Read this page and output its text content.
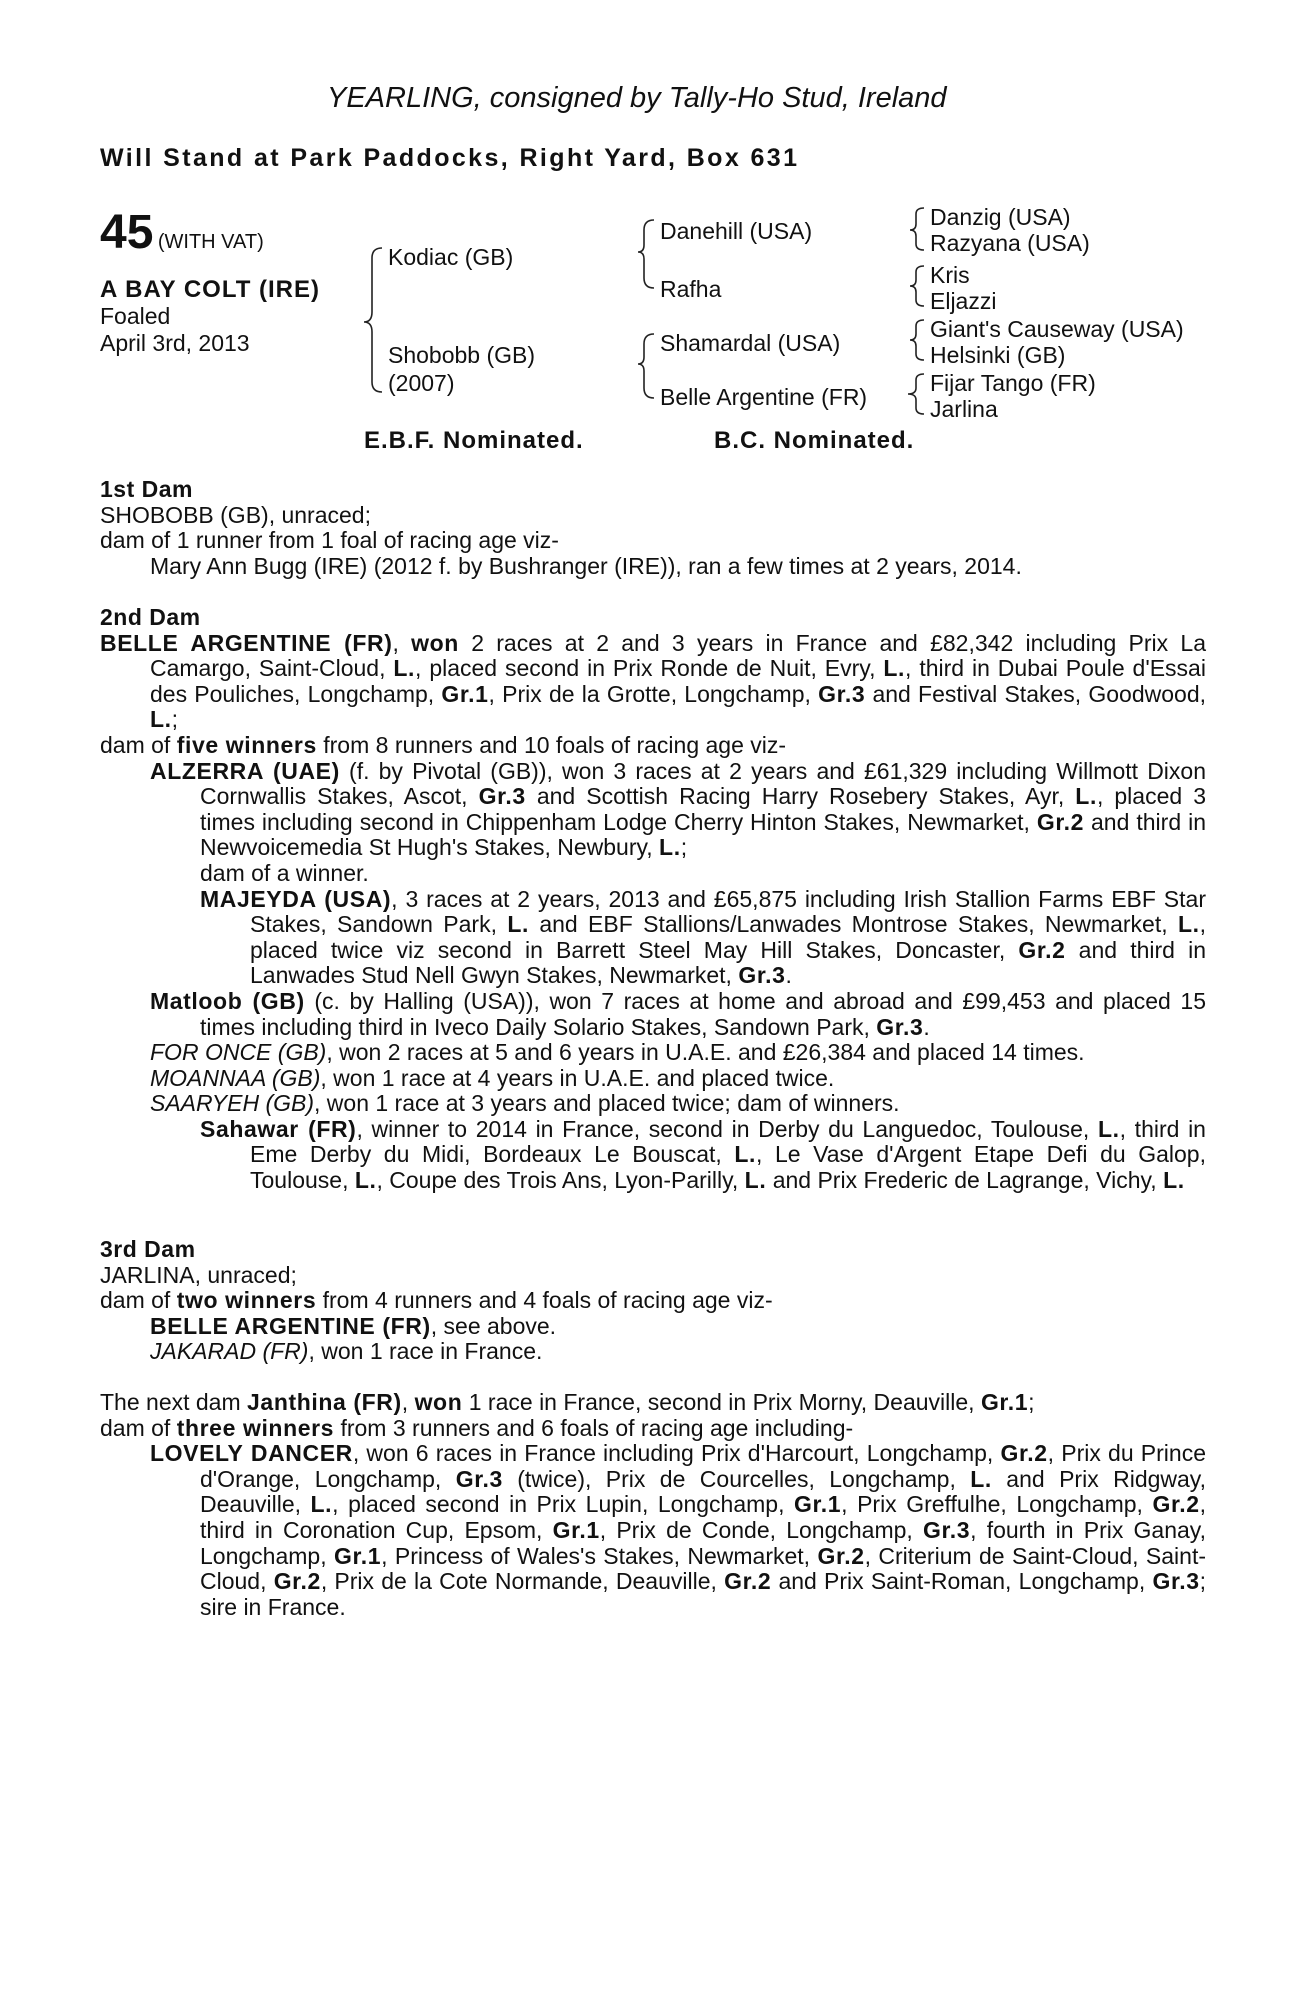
YEARLING, consigned by Tally-Ho Stud, Ireland
Will Stand at Park Paddocks, Right Yard, Box 631
45 (WITH VAT)
A BAY COLT (IRE)
Foaled
April 3rd, 2013
Kodiac (GB)
Shobobb (GB)
(2007)
Danehill (USA)
Rafha
Shamardal (USA)
Belle Argentine (FR)
Danzig (USA)
Razyana (USA)
Kris
Eljazzi
Giant's Causeway (USA)
Helsinki (GB)
Fijar Tango (FR)
Jarlina
E.B.F. Nominated.	B.C. Nominated.

1st Dam

SHOBOBB (GB), unraced;

dam of 1 runner from 1 foal of racing age viz-

Mary Ann Bugg (IRE) (2012 f. by Bushranger (IRE)), ran a few times at 2 years, 2014.

2nd Dam

BELLE ARGENTINE (FR), won 2 races at 2 and 3 years in France and £82,342 including Prix La Camargo, Saint-Cloud, L., placed second in Prix Ronde de Nuit, Evry, L., third in Dubai Poule d'Essai des Pouliches, Longchamp, Gr.1, Prix de la Grotte, Longchamp, Gr.3 and Festival Stakes, Goodwood, L.;

dam of five winners from 8 runners and 10 foals of racing age viz-

ALZERRA (UAE) (f. by Pivotal (GB)), won 3 races at 2 years and £61,329 including Willmott Dixon Cornwallis Stakes, Ascot, Gr.3 and Scottish Racing Harry Rosebery Stakes, Ayr, L., placed 3 times including second in Chippenham Lodge Cherry Hinton Stakes, Newmarket, Gr.2 and third in Newvoicemedia St Hugh's Stakes, Newbury, L.;
dam of a winner.

MAJEYDA (USA), 3 races at 2 years, 2013 and £65,875 including Irish Stallion Farms EBF Star Stakes, Sandown Park, L. and EBF Stallions/Lanwades Montrose Stakes, Newmarket, L., placed twice viz second in Barrett Steel May Hill Stakes, Doncaster, Gr.2 and third in Lanwades Stud Nell Gwyn Stakes, Newmarket, Gr.3.

Matloob (GB) (c. by Halling (USA)), won 7 races at home and abroad and £99,453 and placed 15 times including third in Iveco Daily Solario Stakes, Sandown Park, Gr.3.

FOR ONCE (GB), won 2 races at 5 and 6 years in U.A.E. and £26,384 and placed 14 times.

MOANNAA (GB), won 1 race at 4 years in U.A.E. and placed twice.

SAARYEH (GB), won 1 race at 3 years and placed twice; dam of winners.

Sahawar (FR), winner to 2014 in France, second in Derby du Languedoc, Toulouse, L., third in Eme Derby du Midi, Bordeaux Le Bouscat, L., Le Vase d'Argent Etape Defi du Galop, Toulouse, L., Coupe des Trois Ans, Lyon-Parilly, L. and Prix Frederic de Lagrange, Vichy, L.

3rd Dam

JARLINA, unraced;

dam of two winners from 4 runners and 4 foals of racing age viz-

BELLE ARGENTINE (FR), see above.

JAKARAD (FR), won 1 race in France.

The next dam Janthina (FR), won 1 race in France, second in Prix Morny, Deauville, Gr.1;

dam of three winners from 3 runners and 6 foals of racing age including-

LOVELY DANCER, won 6 races in France including Prix d'Harcourt, Longchamp, Gr.2, Prix du Prince d'Orange, Longchamp, Gr.3 (twice), Prix de Courcelles, Longchamp, L. and Prix Ridgway, Deauville, L., placed second in Prix Lupin, Longchamp, Gr.1, Prix Greffulhe, Longchamp, Gr.2, third in Coronation Cup, Epsom, Gr.1, Prix de Conde, Longchamp, Gr.3, fourth in Prix Ganay, Longchamp, Gr.1, Princess of Wales's Stakes, Newmarket, Gr.2, Criterium de Saint-Cloud, Saint-Cloud, Gr.2, Prix de la Cote Normande, Deauville, Gr.2 and Prix Saint-Roman, Longchamp, Gr.3; sire in France.
